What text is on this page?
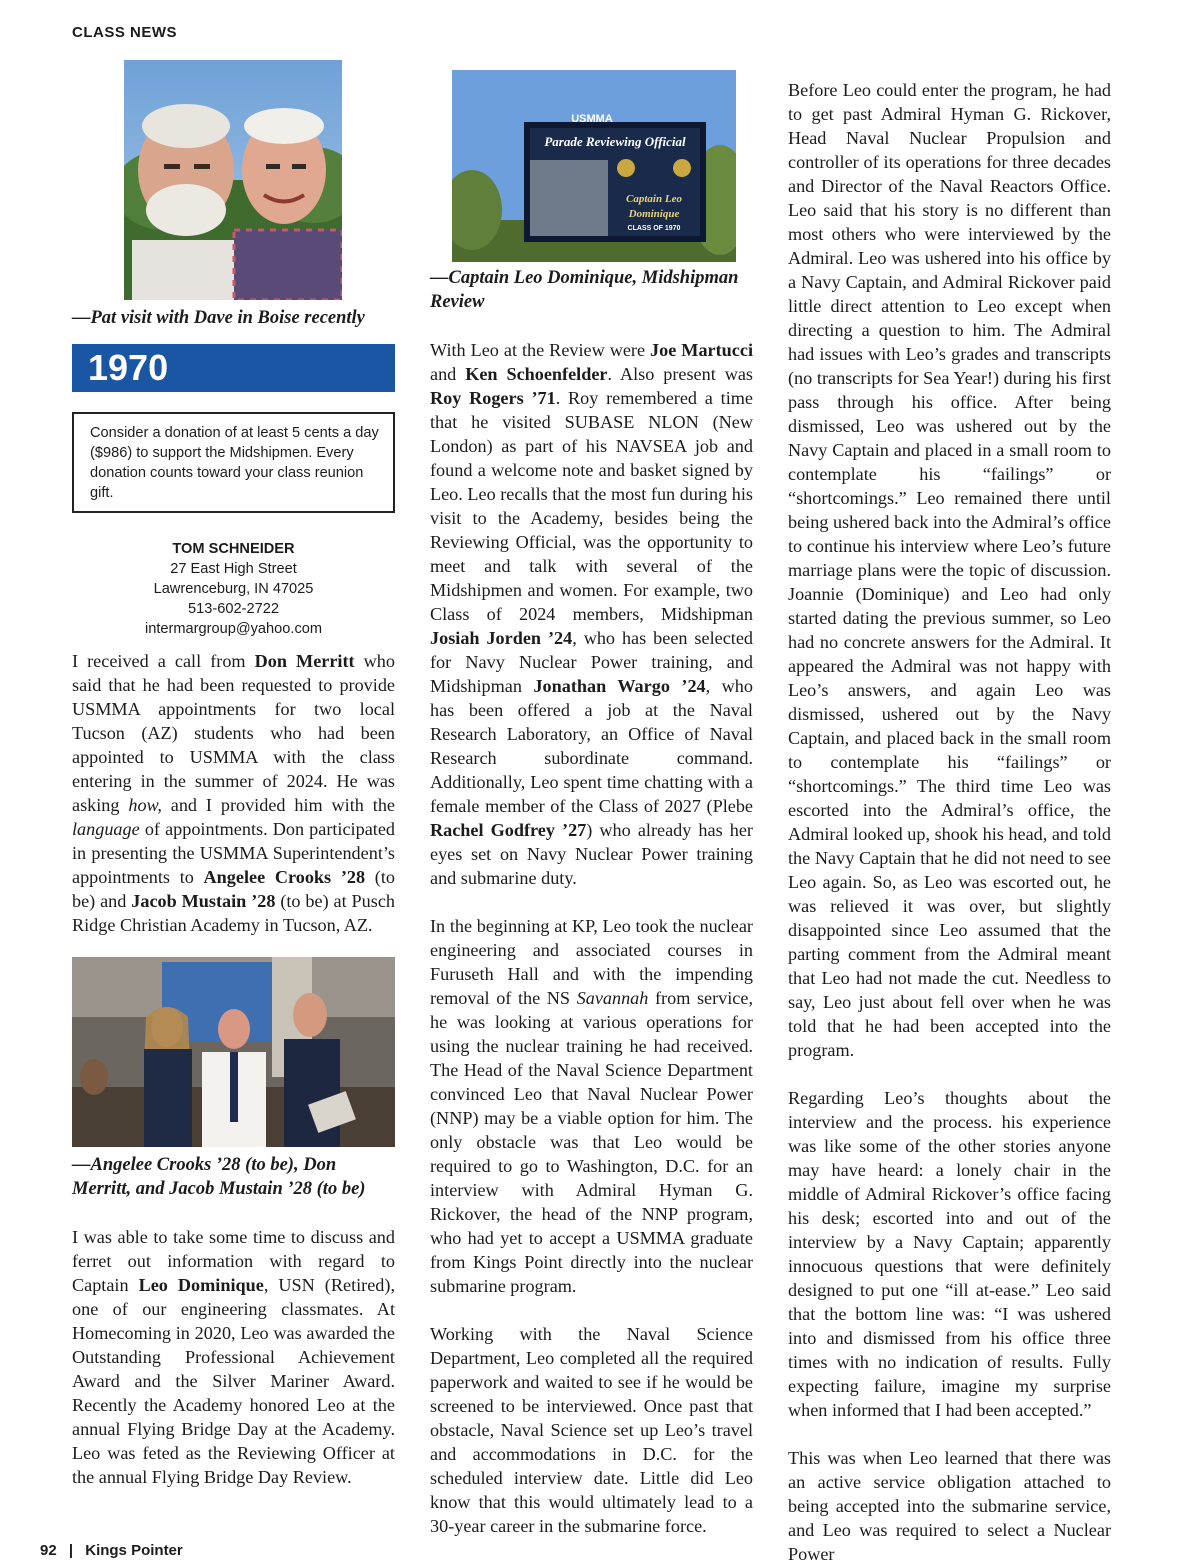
CLASS NEWS

—Pat visit with Dave in Boise recently

1970
Consider a donation of at least 5 cents a day ($986) to support the Midshipmen. Every donation counts toward your class reunion gift.
TOM SCHNEIDER
27 East High Street
Lawrenceburg, IN 47025
513-602-2722
intermargroup@yahoo.com

I received a call from Don Merritt who said that he had been requested to provide USMMA appointments for two local Tucson (AZ) students who had been appointed to USMMA with the class entering in the summer of 2024. He was asking how, and I provided him with the language of appointments. Don participated in presenting the USMMA Superintendent’s appointments to Angelee Crooks ’28 (to be) and Jacob Mustain ’28 (to be) at Pusch Ridge Christian Academy in Tucson, AZ.

—Angelee Crooks ’28 (to be), Don Merritt, and Jacob Mustain ’28 (to be)

I was able to take some time to discuss and ferret out information with regard to Captain Leo Dominique, USN (Retired), one of our engineering classmates. At Homecoming in 2020, Leo was awarded the Outstanding Professional Achievement Award and the Silver Mariner Award. Recently the Academy honored Leo at the annual Flying Bridge Day at the Academy. Leo was feted as the Reviewing Officer at the annual Flying Bridge Day Review.

USMMA
Parade Reviewing Official
Captain Leo
Dominique
CLASS OF 1970

—Captain Leo Dominique, Midshipman Review

With Leo at the Review were Joe Martucci and Ken Schoenfelder. Also present was Roy Rogers ’71. Roy remembered a time that he visited SUBASE NLON (New London) as part of his NAVSEA job and found a welcome note and basket signed by Leo. Leo recalls that the most fun during his visit to the Academy, besides being the Reviewing Official, was the opportunity to meet and talk with several of the Midshipmen and women. For example, two Class of 2024 members, Midshipman Josiah Jorden ’24, who has been selected for Navy Nuclear Power training, and Midshipman Jonathan Wargo ’24, who has been offered a job at the Naval Research Laboratory, an Office of Naval Research subordinate command. Additionally, Leo spent time chatting with a female member of the Class of 2027 (Plebe Rachel Godfrey ’27) who already has her eyes set on Navy Nuclear Power training and submarine duty.

In the beginning at KP, Leo took the nuclear engineering and associated courses in Furuseth Hall and with the impending removal of the NS Savannah from service, he was looking at various operations for using the nuclear training he had received. The Head of the Naval Science Department convinced Leo that Naval Nuclear Power (NNP) may be a viable option for him. The only obstacle was that Leo would be required to go to Washington, D.C. for an interview with Admiral Hyman G. Rickover, the head of the NNP program, who had yet to accept a USMMA graduate from Kings Point directly into the nuclear submarine program.

Working with the Naval Science Department, Leo completed all the required paperwork and waited to see if he would be screened to be interviewed. Once past that obstacle, Naval Science set up Leo’s travel and accommodations in D.C. for the scheduled interview date. Little did Leo know that this would ultimately lead to a 30-year career in the submarine force.

Before Leo could enter the program, he had to get past Admiral Hyman G. Rickover, Head Naval Nuclear Propulsion and controller of its operations for three decades and Director of the Naval Reactors Office. Leo said that his story is no different than most others who were interviewed by the Admiral. Leo was ushered into his office by a Navy Captain, and Admiral Rickover paid little direct attention to Leo except when directing a question to him. The Admiral had issues with Leo’s grades and transcripts (no transcripts for Sea Year!) during his first pass through his office. After being dismissed, Leo was ushered out by the Navy Captain and placed in a small room to contemplate his “failings” or “shortcomings.” Leo remained there until being ushered back into the Admiral’s office to continue his interview where Leo’s future marriage plans were the topic of discussion. Joannie (Dominique) and Leo had only started dating the previous summer, so Leo had no concrete answers for the Admiral. It appeared the Admiral was not happy with Leo’s answers, and again Leo was dismissed, ushered out by the Navy Captain, and placed back in the small room to contemplate his “failings” or “shortcomings.” The third time Leo was escorted into the Admiral’s office, the Admiral looked up, shook his head, and told the Navy Captain that he did not need to see Leo again. So, as Leo was escorted out, he was relieved it was over, but slightly disappointed since Leo assumed that the parting comment from the Admiral meant that Leo had not made the cut. Needless to say, Leo just about fell over when he was told that he had been accepted into the program.

Regarding Leo’s thoughts about the interview and the process. his experience was like some of the other stories anyone may have heard: a lonely chair in the middle of Admiral Rickover’s office facing his desk; escorted into and out of the interview by a Navy Captain; apparently innocuous questions that were definitely designed to put one “ill at-ease.” Leo said that the bottom line was: “I was ushered into and dismissed from his office three times with no indication of results. Fully expecting failure, imagine my surprise when informed that I had been accepted.”

This was when Leo learned that there was an active service obligation attached to being accepted into the submarine service, and Leo was required to select a Nuclear Power

92 | Kings Pointer
